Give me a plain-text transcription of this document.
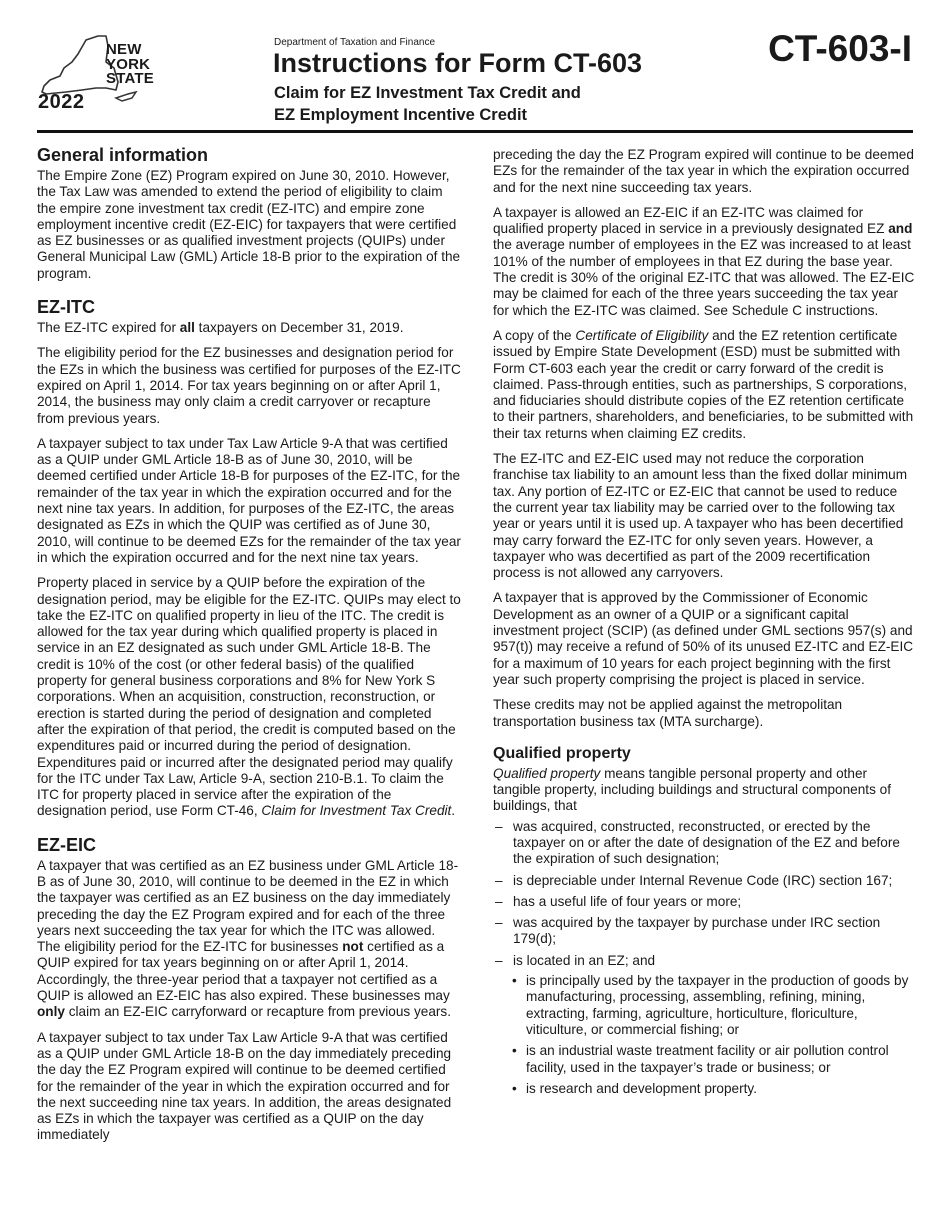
NEW
YORK
STATE
2022
Department of Taxation and Finance
Instructions for Form CT-603
Claim for EZ Investment Tax Credit and
EZ Employment Incentive Credit
CT-603-I
General information

The Empire Zone (EZ) Program expired on June 30, 2010. However, the Tax Law was amended to extend the period of eligibility to claim the empire zone investment tax credit (EZ-ITC) and empire zone employment incentive credit (EZ-EIC) for taxpayers that were certified as EZ businesses or as qualified investment projects (QUIPs) under General Municipal Law (GML) Article 18-B prior to the expiration of the program.

EZ-ITC

The EZ-ITC expired for all taxpayers on December 31, 2019.

The eligibility period for the EZ businesses and designation period for the EZs in which the business was certified for purposes of the EZ-ITC expired on April 1, 2014. For tax years beginning on or after April 1, 2014, the business may only claim a credit carryover or recapture from previous years.

A taxpayer subject to tax under Tax Law Article 9-A that was certified as a QUIP under GML Article 18-B as of June 30, 2010, will be deemed certified under Article 18-B for purposes of the EZ-ITC, for the remainder of the tax year in which the expiration occurred and for the next nine tax years. In addition, for purposes of the EZ-ITC, the areas designated as EZs in which the QUIP was certified as of June 30, 2010, will continue to be deemed EZs for the remainder of the tax year in which the expiration occurred and for the next nine tax years.

Property placed in service by a QUIP before the expiration of the designation period, may be eligible for the EZ-ITC. QUIPs may elect to take the EZ-ITC on qualified property in lieu of the ITC. The credit is allowed for the tax year during which qualified property is placed in service in an EZ designated as such under GML Article 18-B. The credit is 10% of the cost (or other federal basis) of the qualified property for general business corporations and 8% for New York S corporations. When an acquisition, construction, reconstruction, or erection is started during the period of designation and completed after the expiration of that period, the credit is computed based on the expenditures paid or incurred during the period of designation. Expenditures paid or incurred after the designated period may qualify for the ITC under Tax Law, Article 9-A, section 210-B.1. To claim the ITC for property placed in service after the expiration of the designation period, use Form CT-46, Claim for Investment Tax Credit.

EZ-EIC

A taxpayer that was certified as an EZ business under GML Article 18-B as of June 30, 2010, will continue to be deemed in the EZ in which the taxpayer was certified as an EZ business on the day immediately preceding the day the EZ Program expired and for each of the three years next succeeding the tax year for which the ITC was allowed. The eligibility period for the EZ-ITC for businesses not certified as a QUIP expired for tax years beginning on or after April 1, 2014. Accordingly, the three-year period that a taxpayer not certified as a QUIP is allowed an EZ-EIC has also expired. These businesses may only claim an EZ-EIC carryforward or recapture from previous years.

A taxpayer subject to tax under Tax Law Article 9-A that was certified as a QUIP under GML Article 18-B on the day immediately preceding the day the EZ Program expired will continue to be deemed certified for the remainder of the year in which the expiration occurred and for the next succeeding nine tax years. In addition, the areas designated as EZs in which the taxpayer was certified as a QUIP on the day immediately

preceding the day the EZ Program expired will continue to be deemed EZs for the remainder of the tax year in which the expiration occurred and for the next nine succeeding tax years.

A taxpayer is allowed an EZ-EIC if an EZ-ITC was claimed for qualified property placed in service in a previously designated EZ and the average number of employees in the EZ was increased to at least 101% of the number of employees in that EZ during the base year. The credit is 30% of the original EZ-ITC that was allowed. The EZ-EIC may be claimed for each of the three years succeeding the tax year for which the EZ-ITC was claimed. See Schedule C instructions.

A copy of the Certificate of Eligibility and the EZ retention certificate issued by Empire State Development (ESD) must be submitted with Form CT-603 each year the credit or carry forward of the credit is claimed. Pass-through entities, such as partnerships, S corporations, and fiduciaries should distribute copies of the EZ retention certificate to their partners, shareholders, and beneficiaries, to be submitted with their tax returns when claiming EZ credits.

The EZ-ITC and EZ-EIC used may not reduce the corporation franchise tax liability to an amount less than the fixed dollar minimum tax. Any portion of EZ-ITC or EZ-EIC that cannot be used to reduce the current year tax liability may be carried over to the following tax year or years until it is used up. A taxpayer who has been decertified may carry forward the EZ-ITC for only seven years. However, a taxpayer who was decertified as part of the 2009 recertification process is not allowed any carryovers.

A taxpayer that is approved by the Commissioner of Economic Development as an owner of a QUIP or a significant capital investment project (SCIP) (as defined under GML sections 957(s) and 957(t)) may receive a refund of 50% of its unused EZ-ITC and EZ-EIC for a maximum of 10 years for each project beginning with the first year such property comprising the project is placed in service.

These credits may not be applied against the metropolitan transportation business tax (MTA surcharge).

Qualified property

Qualified property means tangible personal property and other tangible property, including buildings and structural components of buildings, that

– was acquired, constructed, reconstructed, or erected by the taxpayer on or after the date of designation of the EZ and before the expiration of such designation;
– is depreciable under Internal Revenue Code (IRC) section 167;
– has a useful life of four years or more;
– was acquired by the taxpayer by purchase under IRC section 179(d);
– is located in an EZ; and
• is principally used by the taxpayer in the production of goods by manufacturing, processing, assembling, refining, mining, extracting, farming, agriculture, horticulture, floriculture, viticulture, or commercial fishing; or
• is an industrial waste treatment facility or air pollution control facility, used in the taxpayer’s trade or business; or
• is research and development property.
